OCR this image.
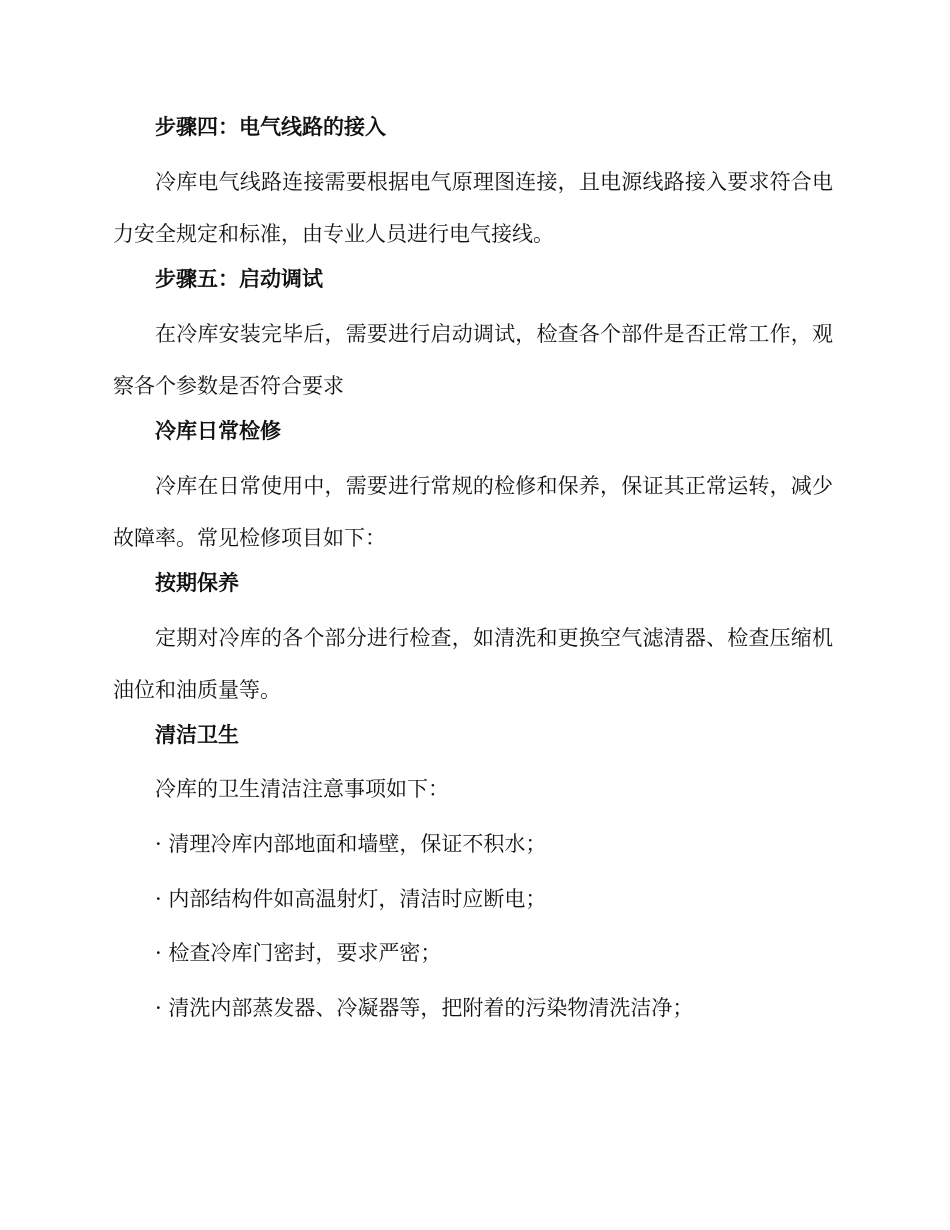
步骤四：电气线路的接入

冷库电气线路连接需要根据电气原理图连接，且电源线路接入要求符合电力安全规定和标准，由专业人员进行电气接线。

步骤五：启动调试

在冷库安装完毕后，需要进行启动调试，检查各个部件是否正常工作，观察各个参数是否符合要求

冷库日常检修

冷库在日常使用中，需要进行常规的检修和保养，保证其正常运转，减少故障率。常见检修项目如下：

按期保养

定期对冷库的各个部分进行检查，如清洗和更换空气滤清器、检查压缩机油位和油质量等。

清洁卫生

冷库的卫生清洁注意事项如下：

· 清理冷库内部地面和墙壁，保证不积水；

· 内部结构件如高温射灯，清洁时应断电；

· 检查冷库门密封，要求严密；

· 清洗内部蒸发器、冷凝器等，把附着的污染物清洗洁净；
